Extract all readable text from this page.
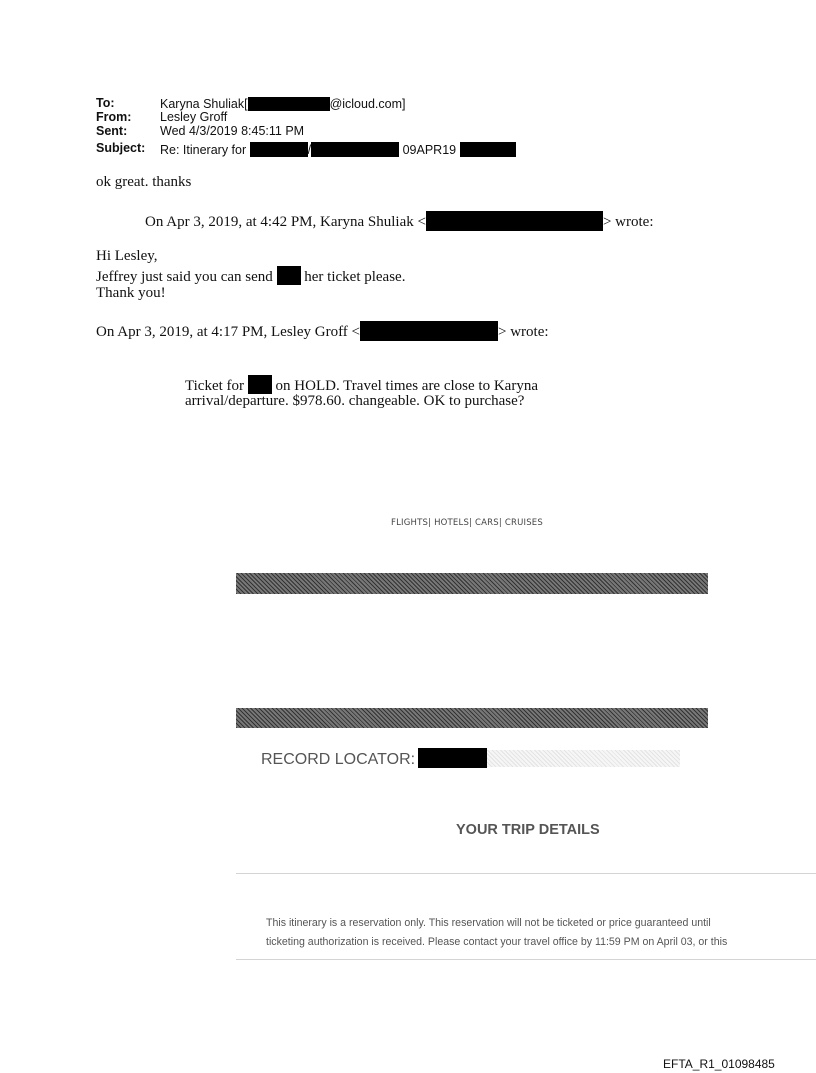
To:	Karyna Shuliak[	@icloud.com]
From: Lesley Groff
Sent:	Wed 4/3/2019 8:45:11 PM
Subject: Re: Itinerary for	/	09APR19
ok great. thanks
On Apr 3, 2019, at 4:42 PM, Karyna Shuliak <	> wrote:
Hi Lesley,
Jeffrey just said you can send her ticket please.
Thank you!
On Apr 3, 2019, at 4:17 PM, Lesley Groff <	> wrote:
Ticket for on HOLD. Travel times are close to Karyna
arrival/departure. $978.60. changeable. OK to purchase?
FLIGHTS| HOTELS| CARS| CRUISES
RECORD LOCATOR:
YOUR TRIP DETAILS
This itinerary is a reservation only. This reservation will not be ticketed or price guaranteed until
ticketing authorization is received. Please contact your travel office by 11:59 PM on April 03, or this
EFTA_R1_01098485
